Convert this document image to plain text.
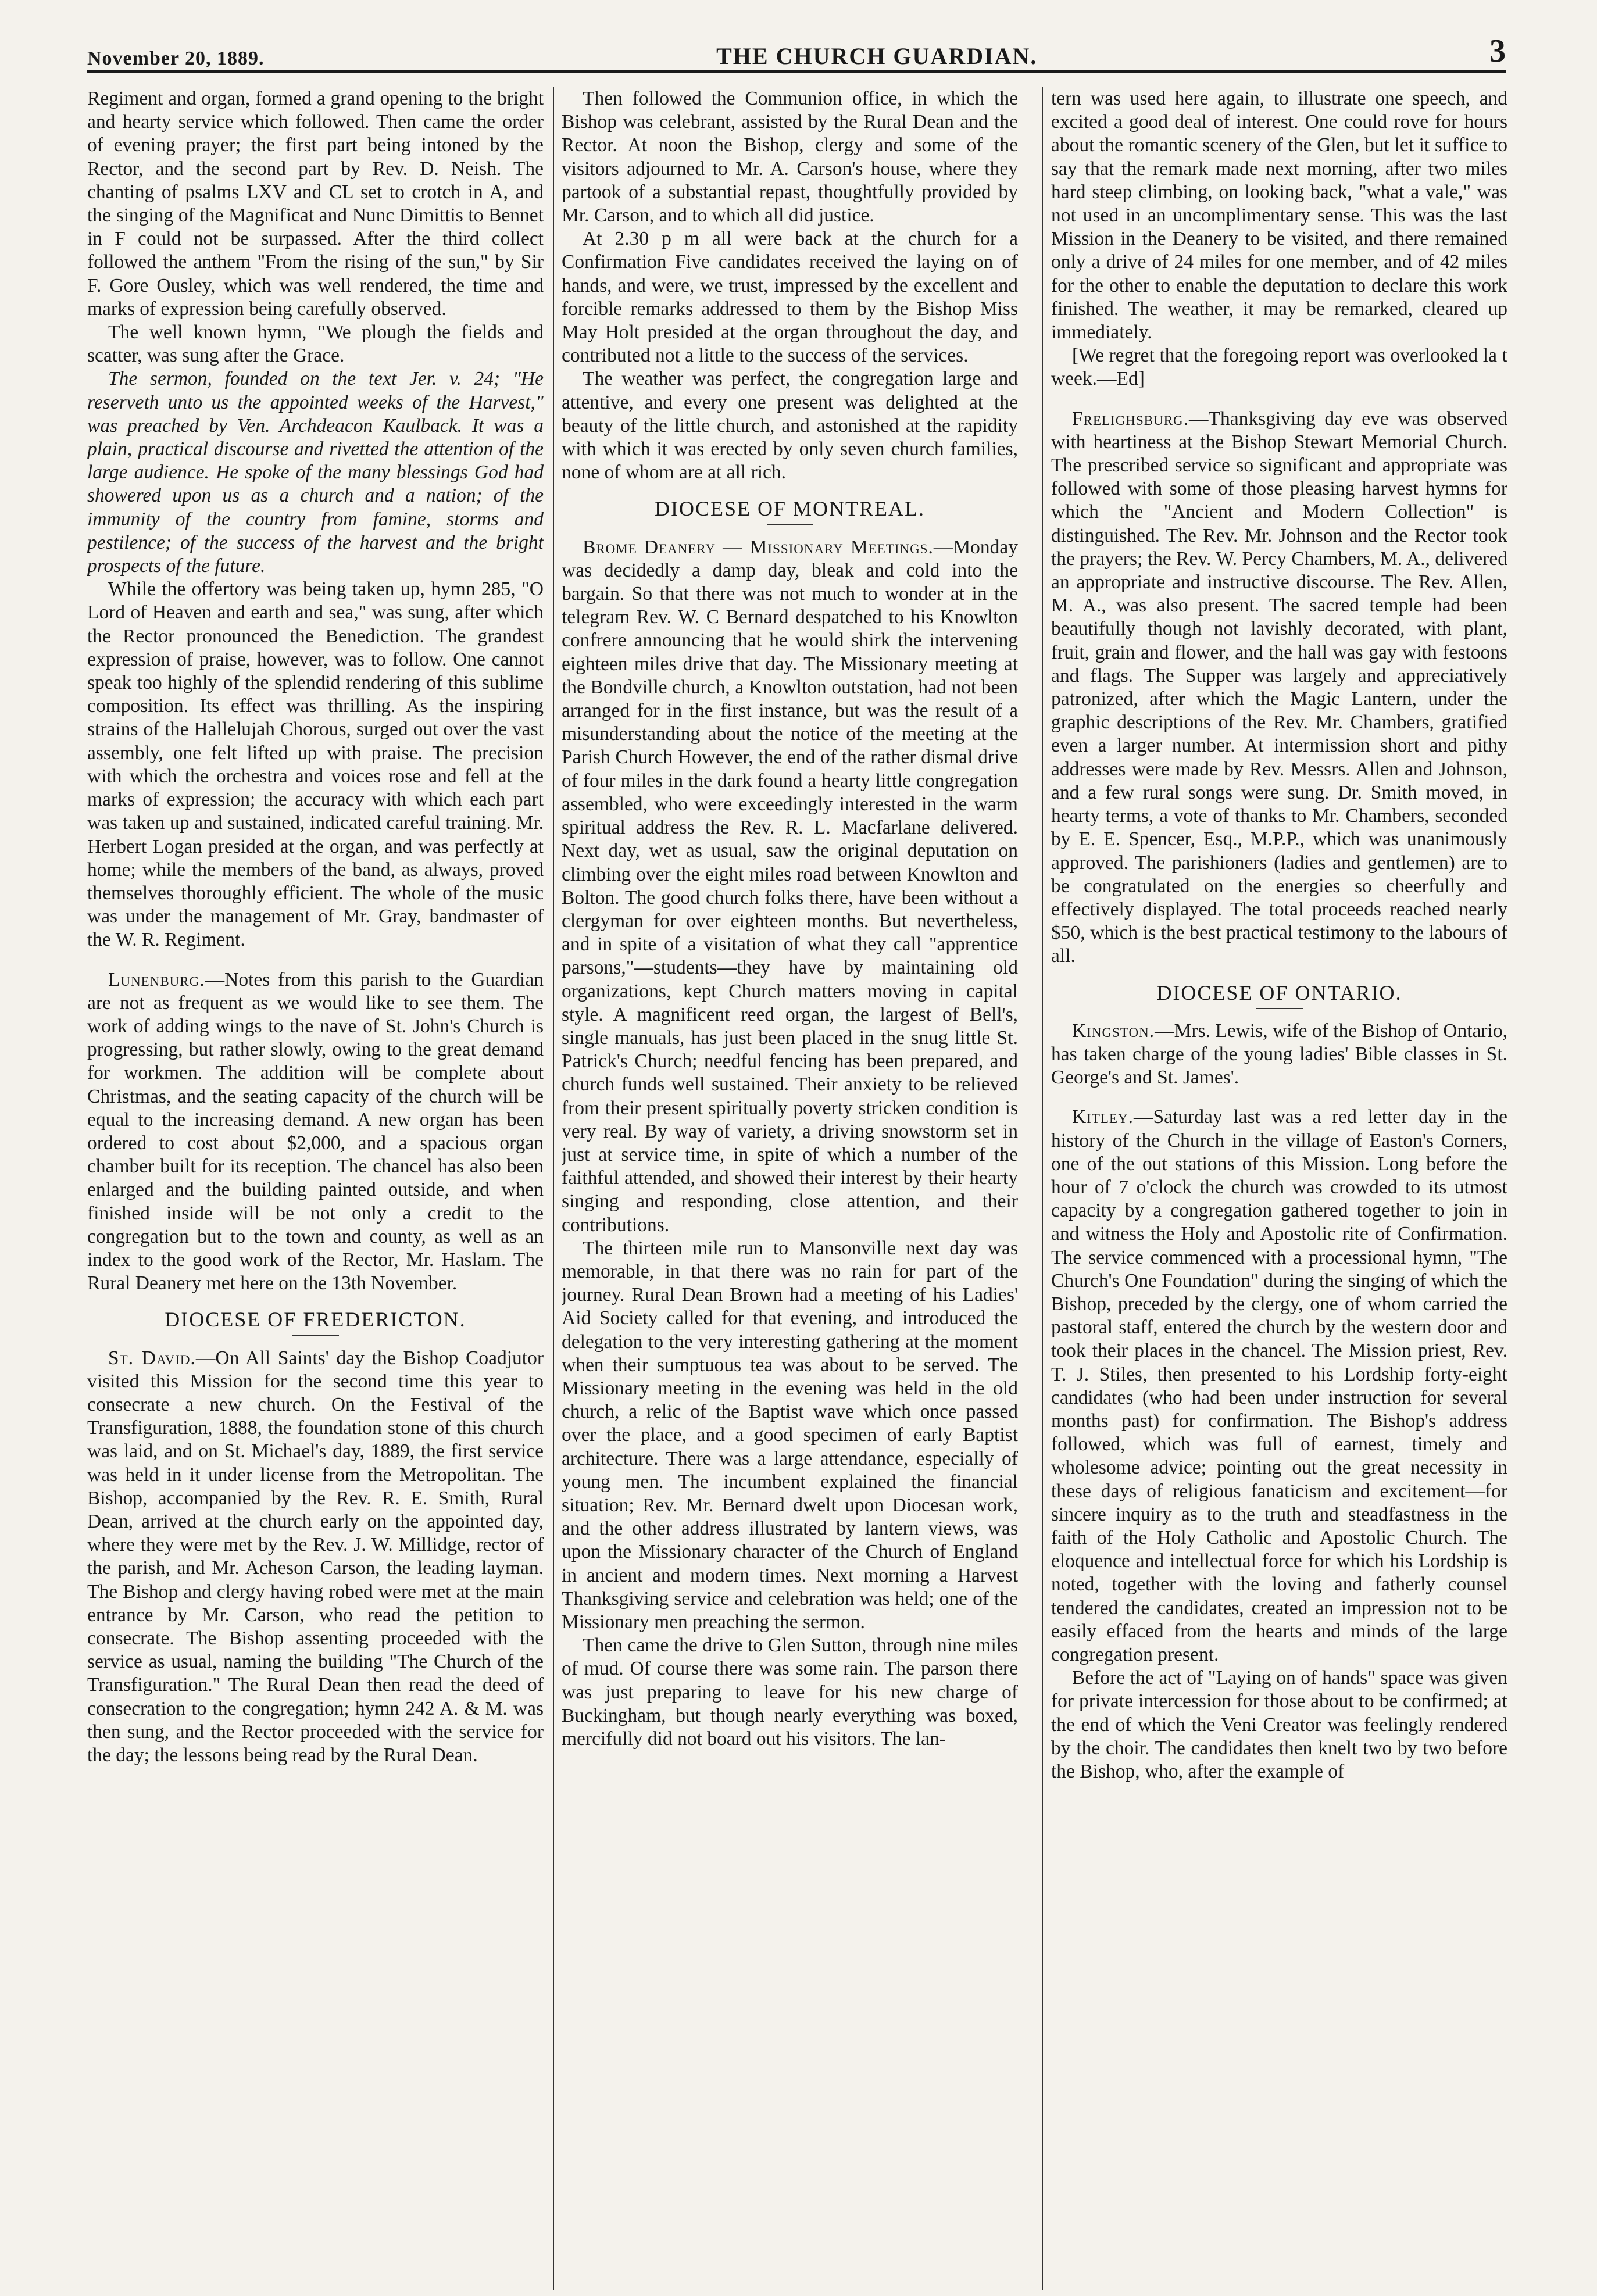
November 20, 1889.	THE CHURCH GUARDIAN.	3

Regiment and organ, formed a grand opening to the bright and hearty service which followed. Then came the order of evening prayer; the first part being intoned by the Rector, and the second part by Rev. D. Neish. The chanting of psalms LXV and CL set to crotch in A, and the singing of the Magnificat and Nunc Dimittis to Bennet in F could not be surpassed. After the third collect followed the anthem "From the rising of the sun," by Sir F. Gore Ousley, which was well rendered, the time and marks of expression being carefully observed.

The well known hymn, "We plough the fields and scatter, was sung after the Grace.

The sermon, founded on the text Jer. v. 24; "He reserveth unto us the appointed weeks of the Harvest," was preached by Ven. Archdeacon Kaulback. It was a plain, practical discourse and rivetted the attention of the large audience. He spoke of the many blessings God had showered upon us as a church and a nation; of the immunity of the country from famine, storms and pestilence; of the success of the harvest and the bright prospects of the future.

While the offertory was being taken up, hymn 285, "O Lord of Heaven and earth and sea," was sung, after which the Rector pronounced the Benediction. The grandest expression of praise, however, was to follow. One cannot speak too highly of the splendid rendering of this sublime composition. Its effect was thrilling. As the inspiring strains of the Hallelujah Chorous, surged out over the vast assembly, one felt lifted up with praise. The precision with which the orchestra and voices rose and fell at the marks of expression; the accuracy with which each part was taken up and sustained, indicated careful training. Mr. Herbert Logan presided at the organ, and was perfectly at home; while the members of the band, as always, proved themselves thoroughly efficient. The whole of the music was under the management of Mr. Gray, bandmaster of the W. R. Regiment.

Lunenburg.—Notes from this parish to the Guardian are not as frequent as we would like to see them. The work of adding wings to the nave of St. John's Church is progressing, but rather slowly, owing to the great demand for workmen. The addition will be complete about Christmas, and the seating capacity of the church will be equal to the increasing demand. A new organ has been ordered to cost about $2,000, and a spacious organ chamber built for its reception. The chancel has also been enlarged and the building painted outside, and when finished inside will be not only a credit to the congregation but to the town and county, as well as an index to the good work of the Rector, Mr. Haslam. The Rural Deanery met here on the 13th November.

DIOCESE OF FREDERICTON.

St. David.—On All Saints' day the Bishop Coadjutor visited this Mission for the second time this year to consecrate a new church. On the Festival of the Transfiguration, 1888, the foundation stone of this church was laid, and on St. Michael's day, 1889, the first service was held in it under license from the Metropolitan. The Bishop, accompanied by the Rev. R. E. Smith, Rural Dean, arrived at the church early on the appointed day, where they were met by the Rev. J. W. Millidge, rector of the parish, and Mr. Acheson Carson, the leading layman. The Bishop and clergy having robed were met at the main entrance by Mr. Carson, who read the petition to consecrate. The Bishop assenting proceeded with the service as usual, naming the building "The Church of the Transfiguration." The Rural Dean then read the deed of consecration to the congregation; hymn 242 A. & M. was then sung, and the Rector proceeded with the service for the day; the lessons being read by the Rural Dean.

Then followed the Communion office, in which the Bishop was celebrant, assisted by the Rural Dean and the Rector. At noon the Bishop, clergy and some of the visitors adjourned to Mr. A. Carson's house, where they partook of a substantial repast, thoughtfully provided by Mr. Carson, and to which all did justice.

At 2.30 p m all were back at the church for a Confirmation Five candidates received the laying on of hands, and were, we trust, impressed by the excellent and forcible remarks addressed to them by the Bishop Miss May Holt presided at the organ throughout the day, and contributed not a little to the success of the services.

The weather was perfect, the congregation large and attentive, and every one present was delighted at the beauty of the little church, and astonished at the rapidity with which it was erected by only seven church families, none of whom are at all rich.

DIOCESE OF MONTREAL.

Brome Deanery — Missionary Meetings.—Monday was decidedly a damp day, bleak and cold into the bargain. So that there was not much to wonder at in the telegram Rev. W. C Bernard despatched to his Knowlton confrere announcing that he would shirk the intervening eighteen miles drive that day. The Missionary meeting at the Bondville church, a Knowlton outstation, had not been arranged for in the first instance, but was the result of a misunderstanding about the notice of the meeting at the Parish Church However, the end of the rather dismal drive of four miles in the dark found a hearty little congregation assembled, who were exceedingly interested in the warm spiritual address the Rev. R. L. Macfarlane delivered. Next day, wet as usual, saw the original deputation on climbing over the eight miles road between Knowlton and Bolton. The good church folks there, have been without a clergyman for over eighteen months. But nevertheless, and in spite of a visitation of what they call "apprentice parsons,"—students—they have by maintaining old organizations, kept Church matters moving in capital style. A magnificent reed organ, the largest of Bell's, single manuals, has just been placed in the snug little St. Patrick's Church; needful fencing has been prepared, and church funds well sustained. Their anxiety to be relieved from their present spiritually poverty stricken condition is very real. By way of variety, a driving snowstorm set in just at service time, in spite of which a number of the faithful attended, and showed their interest by their hearty singing and responding, close attention, and their contributions.

The thirteen mile run to Mansonville next day was memorable, in that there was no rain for part of the journey. Rural Dean Brown had a meeting of his Ladies' Aid Society called for that evening, and introduced the delegation to the very interesting gathering at the moment when their sumptuous tea was about to be served. The Missionary meeting in the evening was held in the old church, a relic of the Baptist wave which once passed over the place, and a good specimen of early Baptist architecture. There was a large attendance, especially of young men. The incumbent explained the financial situation; Rev. Mr. Bernard dwelt upon Diocesan work, and the other address illustrated by lantern views, was upon the Missionary character of the Church of England in ancient and modern times. Next morning a Harvest Thanksgiving service and celebration was held; one of the Missionary men preaching the sermon.

Then came the drive to Glen Sutton, through nine miles of mud. Of course there was some rain. The parson there was just preparing to leave for his new charge of Buckingham, but though nearly everything was boxed, mercifully did not board out his visitors. The lan-

tern was used here again, to illustrate one speech, and excited a good deal of interest. One could rove for hours about the romantic scenery of the Glen, but let it suffice to say that the remark made next morning, after two miles hard steep climbing, on looking back, "what a vale," was not used in an uncomplimentary sense. This was the last Mission in the Deanery to be visited, and there remained only a drive of 24 miles for one member, and of 42 miles for the other to enable the deputation to declare this work finished. The weather, it may be remarked, cleared up immediately.

[We regret that the foregoing report was overlooked la t week.—Ed]

Frelighsburg.—Thanksgiving day eve was observed with heartiness at the Bishop Stewart Memorial Church. The prescribed service so significant and appropriate was followed with some of those pleasing harvest hymns for which the "Ancient and Modern Collection" is distinguished. The Rev. Mr. Johnson and the Rector took the prayers; the Rev. W. Percy Chambers, M. A., delivered an appropriate and instructive discourse. The Rev. Allen, M. A., was also present. The sacred temple had been beautifully though not lavishly decorated, with plant, fruit, grain and flower, and the hall was gay with festoons and flags. The Supper was largely and appreciatively patronized, after which the Magic Lantern, under the graphic descriptions of the Rev. Mr. Chambers, gratified even a larger number. At intermission short and pithy addresses were made by Rev. Messrs. Allen and Johnson, and a few rural songs were sung. Dr. Smith moved, in hearty terms, a vote of thanks to Mr. Chambers, seconded by E. E. Spencer, Esq., M.P.P., which was unanimously approved. The parishioners (ladies and gentlemen) are to be congratulated on the energies so cheerfully and effectively displayed. The total proceeds reached nearly $50, which is the best practical testimony to the labours of all.

DIOCESE OF ONTARIO.

Kingston.—Mrs. Lewis, wife of the Bishop of Ontario, has taken charge of the young ladies' Bible classes in St. George's and St. James'.

Kitley.—Saturday last was a red letter day in the history of the Church in the village of Easton's Corners, one of the out stations of this Mission. Long before the hour of 7 o'clock the church was crowded to its utmost capacity by a congregation gathered together to join in and witness the Holy and Apostolic rite of Confirmation. The service commenced with a processional hymn, "The Church's One Foundation" during the singing of which the Bishop, preceded by the clergy, one of whom carried the pastoral staff, entered the church by the western door and took their places in the chancel. The Mission priest, Rev. T. J. Stiles, then presented to his Lordship forty-eight candidates (who had been under instruction for several months past) for confirmation. The Bishop's address followed, which was full of earnest, timely and wholesome advice; pointing out the great necessity in these days of religious fanaticism and excitement—for sincere inquiry as to the truth and steadfastness in the faith of the Holy Catholic and Apostolic Church. The eloquence and intellectual force for which his Lordship is noted, together with the loving and fatherly counsel tendered the candidates, created an impression not to be easily effaced from the hearts and minds of the large congregation present.

Before the act of "Laying on of hands" space was given for private intercession for those about to be confirmed; at the end of which the Veni Creator was feelingly rendered by the choir. The candidates then knelt two by two before the Bishop, who, after the example of
